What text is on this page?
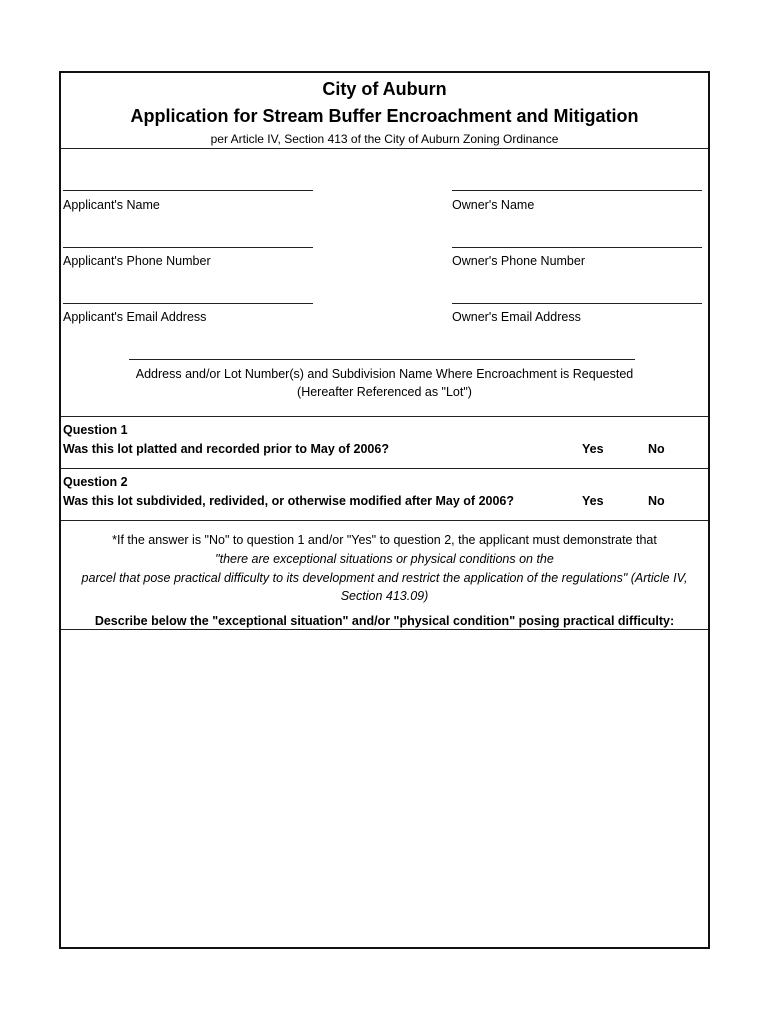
City of Auburn
Application for Stream Buffer Encroachment and Mitigation
per Article IV, Section 413 of the City of Auburn Zoning Ordinance
Applicant's Name	Owner's Name
Applicant's Phone Number	Owner's Phone Number
Applicant's Email Address	Owner's Email Address
Address and/or Lot Number(s) and Subdivision Name Where Encroachment is Requested
(Hereafter Referenced as "Lot")
Question 1
Was this lot platted and recorded prior to May of 2006?	Yes	No
Question 2
Was this lot subdivided, redivided, or otherwise modified after May of 2006?	Yes	No
*If the answer is "No" to question 1 and/or "Yes" to question 2, the applicant must demonstrate that
"there are exceptional situations or physical conditions on the
parcel that pose practical difficulty to its development and restrict the application of the regulations" (Article IV,
Section 413.09)
Describe below the "exceptional situation" and/or "physical condition" posing practical difficulty:
